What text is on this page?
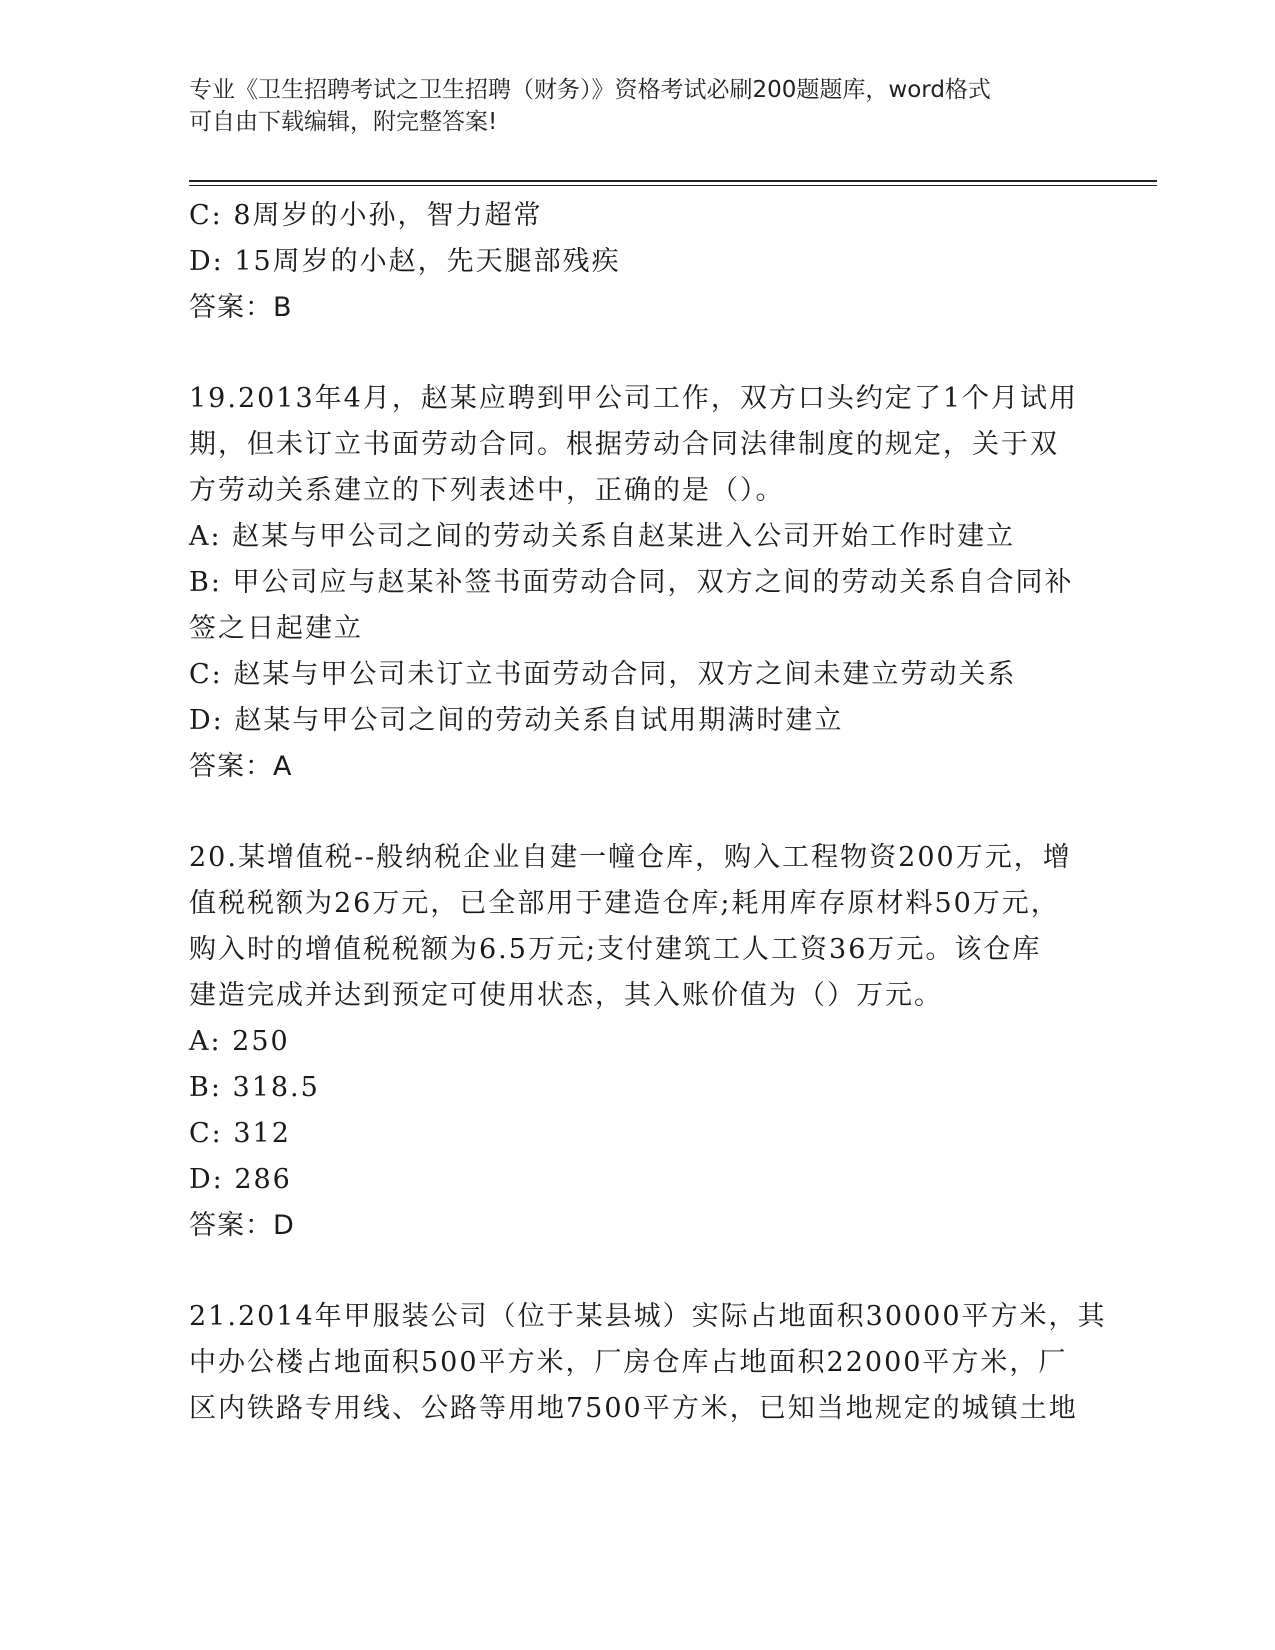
专业《卫生招聘考试之卫生招聘（财务）》资格考试必刷200题题库，word格式
可自由下载编辑，附完整答案!
C: 8周岁的小孙，智力超常
D: 15周岁的小赵，先天腿部残疾
答案：B
19.2013年4月，赵某应聘到甲公司工作，双方口头约定了1个月试用
期，但未订立书面劳动合同。根据劳动合同法律制度的规定，关于双
方劳动关系建立的下列表述中，正确的是（）。
A: 赵某与甲公司之间的劳动关系自赵某进入公司开始工作时建立
B: 甲公司应与赵某补签书面劳动合同，双方之间的劳动关系自合同补
签之日起建立
C: 赵某与甲公司未订立书面劳动合同，双方之间未建立劳动关系
D: 赵某与甲公司之间的劳动关系自试用期满时建立
答案：A
20.某增值税--般纳税企业自建一幢仓库，购入工程物资200万元，增
值税税额为26万元，已全部用于建造仓库;耗用库存原材料50万元，
购入时的增值税税额为6.5万元;支付建筑工人工资36万元。该仓库
建造完成并达到预定可使用状态，其入账价值为（）万元。
A: 250
B: 318.5
C: 312
D: 286
答案：D
21.2014年甲服装公司（位于某县城）实际占地面积30000平方米，其
中办公楼占地面积500平方米，厂房仓库占地面积22000平方米，厂
区内铁路专用线、公路等用地7500平方米，已知当地规定的城镇土地
